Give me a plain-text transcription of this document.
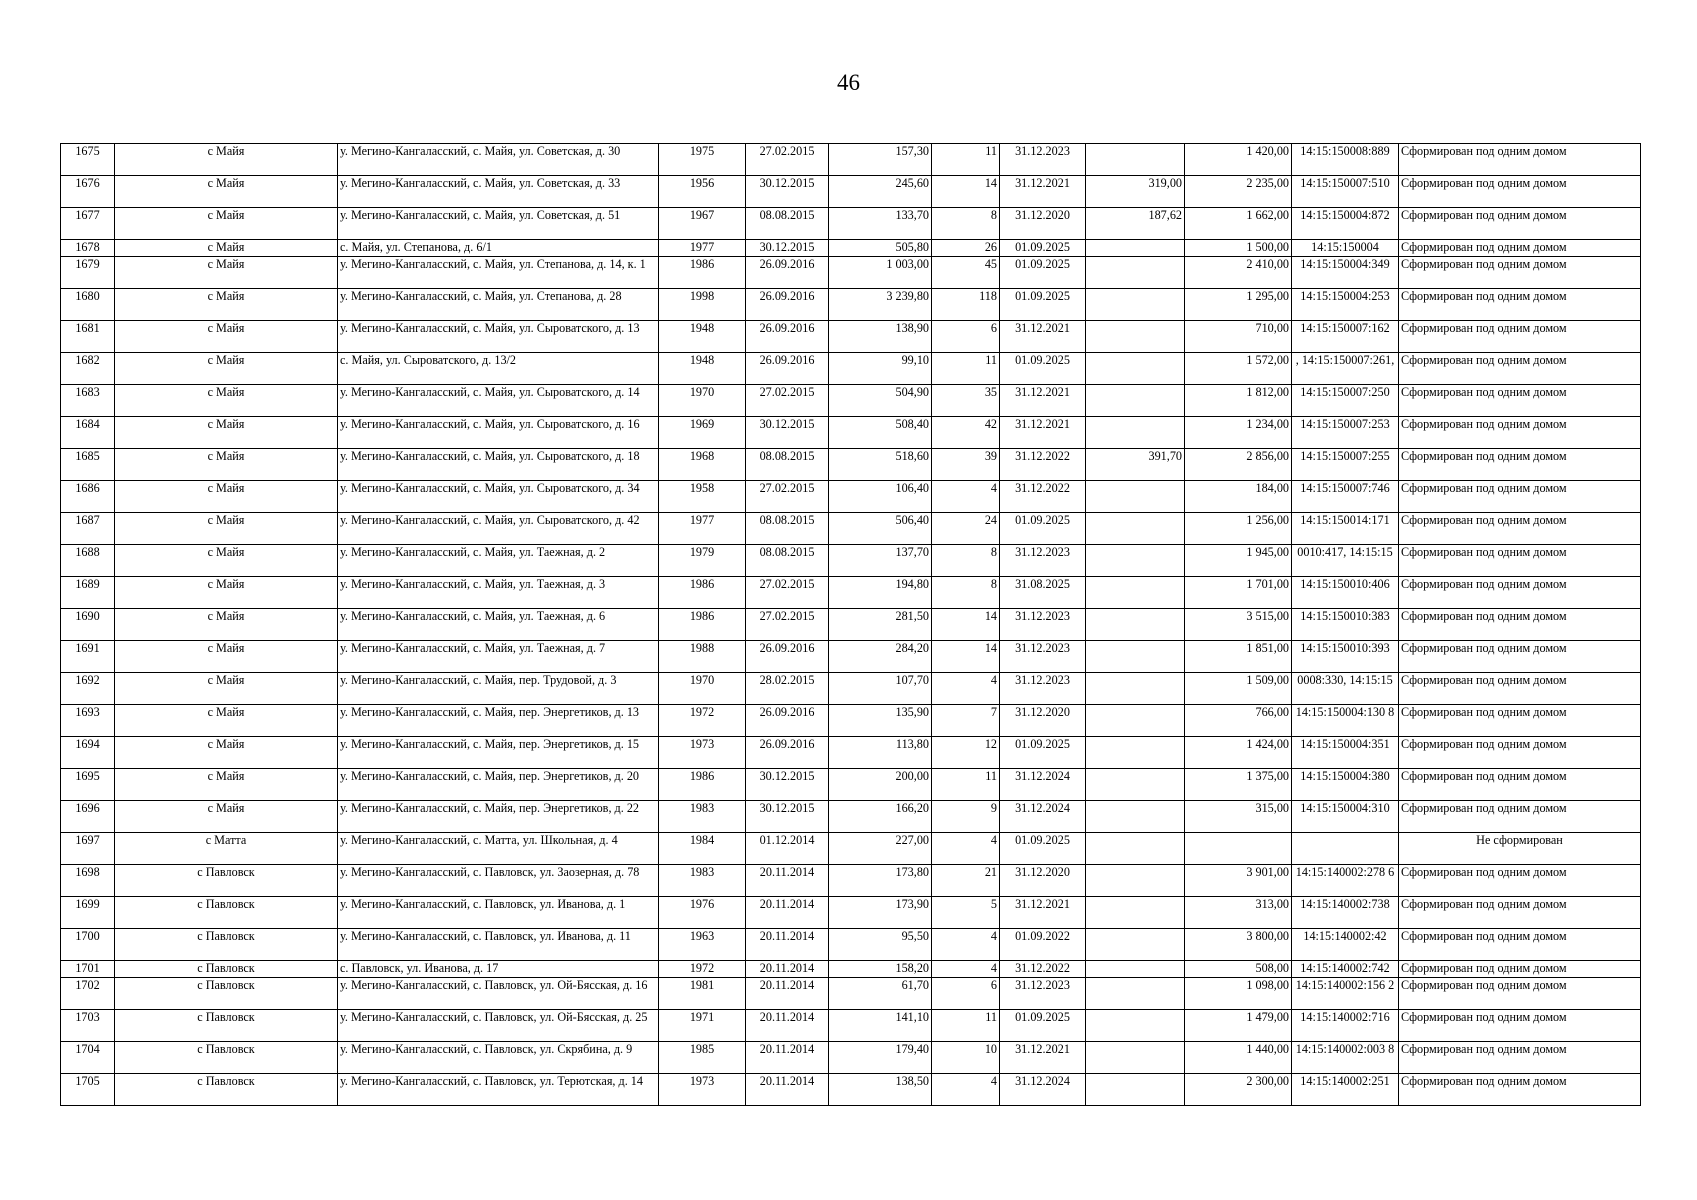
46
1675	с Майя	у. Мегино-Кангаласский, с. Майя, ул. Советская, д. 30	1975	27.02.2015	157,30	11	31.12.2023		1 420,00	14:15:150008:889	Сформирован под одним домом
1676	с Майя	у. Мегино-Кангаласский, с. Майя, ул. Советская, д. 33	1956	30.12.2015	245,60	14	31.12.2021	319,00	2 235,00	14:15:150007:510	Сформирован под одним домом
1677	с Майя	у. Мегино-Кангаласский, с. Майя, ул. Советская, д. 51	1967	08.08.2015	133,70	8	31.12.2020	187,62	1 662,00	14:15:150004:872	Сформирован под одним домом
1678	с Майя	с. Майя, ул. Степанова, д. 6/1	1977	30.12.2015	505,80	26	01.09.2025		1 500,00	14:15:150004	Сформирован под одним домом
1679	с Майя	у. Мегино-Кангаласский, с. Майя, ул. Степанова, д. 14, к. 1	1986	26.09.2016	1 003,00	45	01.09.2025		2 410,00	14:15:150004:349	Сформирован под одним домом
1680	с Майя	у. Мегино-Кангаласский, с. Майя, ул. Степанова, д. 28	1998	26.09.2016	3 239,80	118	01.09.2025		1 295,00	14:15:150004:253	Сформирован под одним домом
1681	с Майя	у. Мегино-Кангаласский, с. Майя, ул. Сыроватского, д. 13	1948	26.09.2016	138,90	6	31.12.2021		710,00	14:15:150007:162	Сформирован под одним домом
1682	с Майя	с. Майя, ул. Сыроватского, д. 13/2	1948	26.09.2016	99,10	11	01.09.2025		1 572,00	, 14:15:150007:261,	Сформирован под одним домом
1683	с Майя	у. Мегино-Кангаласский, с. Майя, ул. Сыроватского, д. 14	1970	27.02.2015	504,90	35	31.12.2021		1 812,00	14:15:150007:250	Сформирован под одним домом
1684	с Майя	у. Мегино-Кангаласский, с. Майя, ул. Сыроватского, д. 16	1969	30.12.2015	508,40	42	31.12.2021		1 234,00	14:15:150007:253	Сформирован под одним домом
1685	с Майя	у. Мегино-Кангаласский, с. Майя, ул. Сыроватского, д. 18	1968	08.08.2015	518,60	39	31.12.2022	391,70	2 856,00	14:15:150007:255	Сформирован под одним домом
1686	с Майя	у. Мегино-Кангаласский, с. Майя, ул. Сыроватского, д. 34	1958	27.02.2015	106,40	4	31.12.2022		184,00	14:15:150007:746	Сформирован под одним домом
1687	с Майя	у. Мегино-Кангаласский, с. Майя, ул. Сыроватского, д. 42	1977	08.08.2015	506,40	24	01.09.2025		1 256,00	14:15:150014:171	Сформирован под одним домом
1688	с Майя	у. Мегино-Кангаласский, с. Майя, ул. Таежная, д. 2	1979	08.08.2015	137,70	8	31.12.2023		1 945,00	0010:417, 14:15:15	Сформирован под одним домом
1689	с Майя	у. Мегино-Кангаласский, с. Майя, ул. Таежная, д. 3	1986	27.02.2015	194,80	8	31.08.2025		1 701,00	14:15:150010:406	Сформирован под одним домом
1690	с Майя	у. Мегино-Кангаласский, с. Майя, ул. Таежная, д. 6	1986	27.02.2015	281,50	14	31.12.2023		3 515,00	14:15:150010:383	Сформирован под одним домом
1691	с Майя	у. Мегино-Кангаласский, с. Майя, ул. Таежная, д. 7	1988	26.09.2016	284,20	14	31.12.2023		1 851,00	14:15:150010:393	Сформирован под одним домом
1692	с Майя	у. Мегино-Кангаласский, с. Майя, пер. Трудовой, д. 3	1970	28.02.2015	107,70	4	31.12.2023		1 509,00	0008:330, 14:15:15	Сформирован под одним домом
1693	с Майя	у. Мегино-Кангаласский, с. Майя, пер. Энергетиков, д. 13	1972	26.09.2016	135,90	7	31.12.2020		766,00	14:15:150004:130 8	Сформирован под одним домом
1694	с Майя	у. Мегино-Кангаласский, с. Майя, пер. Энергетиков, д. 15	1973	26.09.2016	113,80	12	01.09.2025		1 424,00	14:15:150004:351	Сформирован под одним домом
1695	с Майя	у. Мегино-Кангаласский, с. Майя, пер. Энергетиков, д. 20	1986	30.12.2015	200,00	11	31.12.2024		1 375,00	14:15:150004:380	Сформирован под одним домом
1696	с Майя	у. Мегино-Кангаласский, с. Майя, пер. Энергетиков, д. 22	1983	30.12.2015	166,20	9	31.12.2024		315,00	14:15:150004:310	Сформирован под одним домом
1697	с Матта	у. Мегино-Кангаласский, с. Матта, ул. Школьная, д. 4	1984	01.12.2014	227,00	4	01.09.2025				Не сформирован
1698	с Павловск	у. Мегино-Кангаласский, с. Павловск, ул. Заозерная, д. 78	1983	20.11.2014	173,80	21	31.12.2020		3 901,00	14:15:140002:278 6	Сформирован под одним домом
1699	с Павловск	у. Мегино-Кангаласский, с. Павловск, ул. Иванова, д. 1	1976	20.11.2014	173,90	5	31.12.2021		313,00	14:15:140002:738	Сформирован под одним домом
1700	с Павловск	у. Мегино-Кангаласский, с. Павловск, ул. Иванова, д. 11	1963	20.11.2014	95,50	4	01.09.2022		3 800,00	14:15:140002:42	Сформирован под одним домом
1701	с Павловск	с. Павловск, ул. Иванова, д. 17	1972	20.11.2014	158,20	4	31.12.2022		508,00	14:15:140002:742	Сформирован под одним домом
1702	с Павловск	у. Мегино-Кангаласский, с. Павловск, ул. Ой-Бясская, д. 16	1981	20.11.2014	61,70	6	31.12.2023		1 098,00	14:15:140002:156 2	Сформирован под одним домом
1703	с Павловск	у. Мегино-Кангаласский, с. Павловск, ул. Ой-Бясская, д. 25	1971	20.11.2014	141,10	11	01.09.2025		1 479,00	14:15:140002:716	Сформирован под одним домом
1704	с Павловск	у. Мегино-Кангаласский, с. Павловск, ул. Скрябина, д. 9	1985	20.11.2014	179,40	10	31.12.2021		1 440,00	14:15:140002:003 8	Сформирован под одним домом
1705	с Павловск	у. Мегино-Кангаласский, с. Павловск, ул. Терютская, д. 14	1973	20.11.2014	138,50	4	31.12.2024		2 300,00	14:15:140002:251	Сформирован под одним домом
